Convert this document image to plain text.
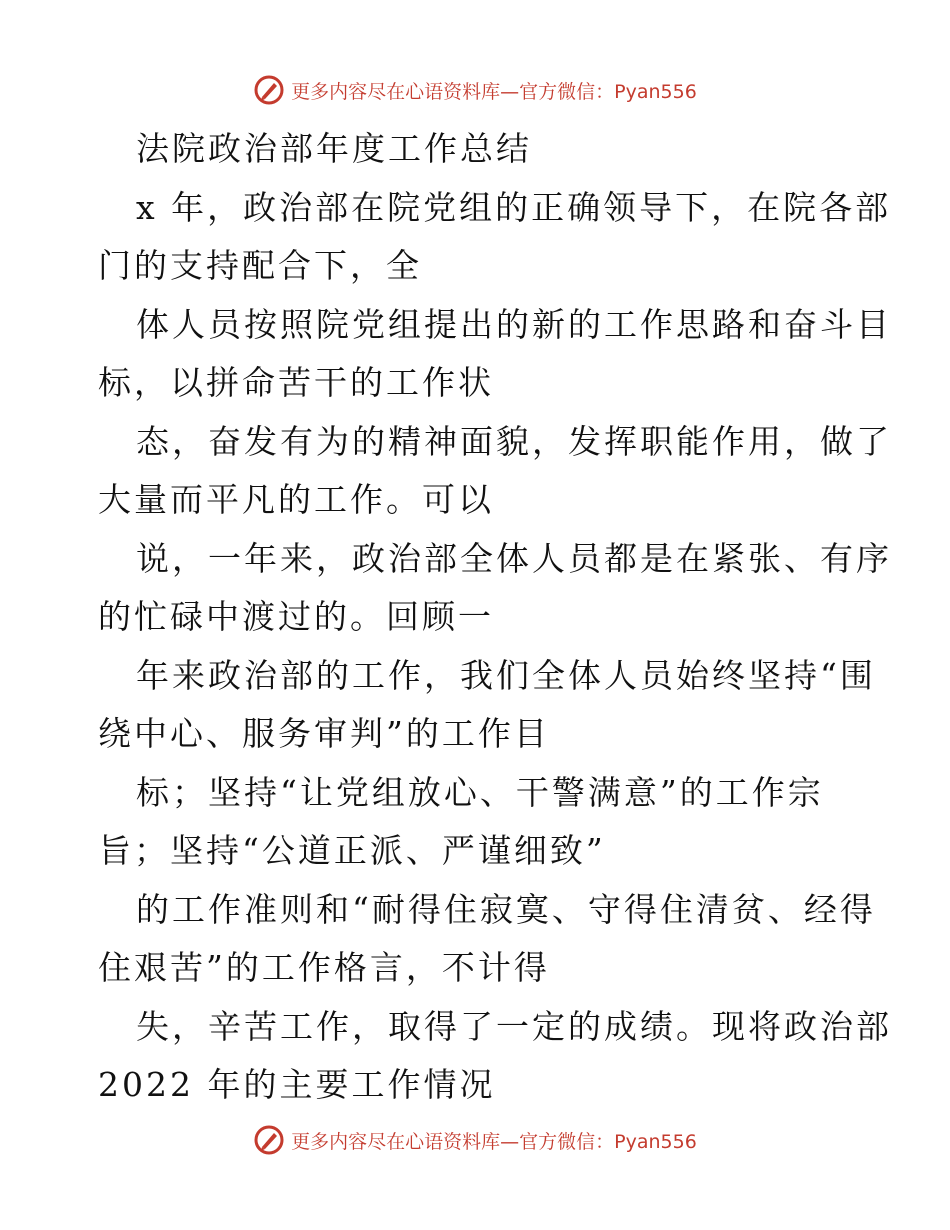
更多内容尽在心语资料库—官方微信：Pyan556
法院政治部年度工作总结
x 年，政治部在院党组的正确领导下，在院各部
门的支持配合下，全
体人员按照院党组提出的新的工作思路和奋斗目
标，以拼命苦干的工作状
态，奋发有为的精神面貌，发挥职能作用，做了
大量而平凡的工作。可以
说，一年来，政治部全体人员都是在紧张、有序
的忙碌中渡过的。回顾一
年来政治部的工作，我们全体人员始终坚持“围
绕中心、服务审判”的工作目
标；坚持“让党组放心、干警满意”的工作宗
旨；坚持“公道正派、严谨细致”
的工作准则和“耐得住寂寞、守得住清贫、经得
住艰苦”的工作格言，不计得
失，辛苦工作，取得了一定的成绩。现将政治部
2022 年的主要工作情况
更多内容尽在心语资料库—官方微信：Pyan556
